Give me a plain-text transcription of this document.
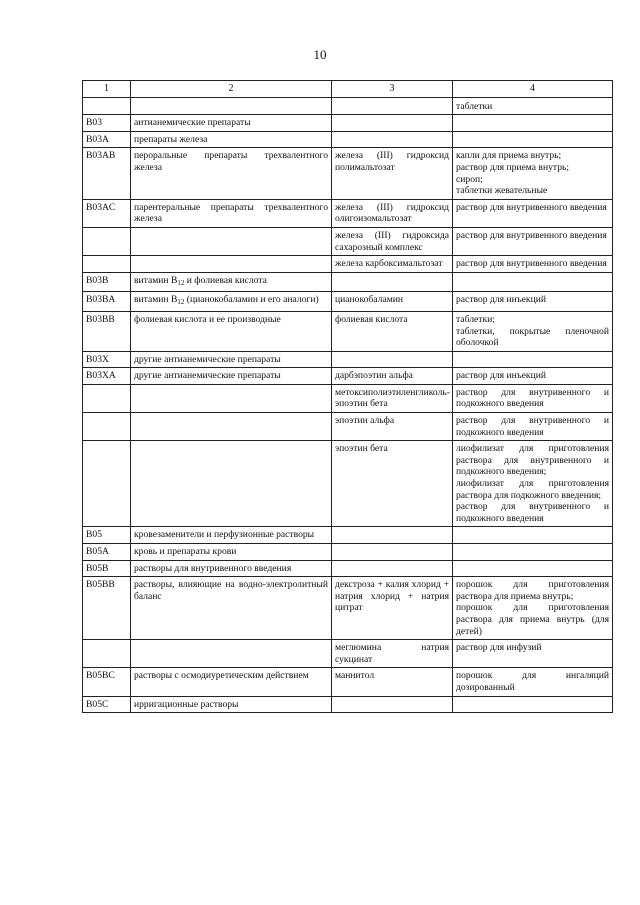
10
1	2	3	4

			таблетки

B03	антианемические препараты		
B03A	препараты железа		
B03AB	пероральные препараты трехвалентного железа	железа (III) гидроксид полимальтозат	капли для приема внутрь;
раствор для приема внутрь;
сироп;
таблетки жевательные

B03AC	парентеральные препараты трехвалентного железа	железа (III) гидроксид олигоизомальтозат	раствор для внутривенного введения

		железа (III) гидроксида сахарозный комплекс	раствор для внутривенного введения

		железа карбоксимальтозат	раствор для внутривенного введения

B03B	витамин $B_{12}$ и фолиевая кислота		
B03BA	витамин $B_{12}$ (цианокобаламин и его аналоги)	цианокобаламин	раствор для инъекций

B03BB	фолиевая кислота и ее производные	фолиевая кислота	таблетки;
таблетки, покрытые пленочной оболочкой

B03X	другие антианемические препараты		
B03XA	другие антианемические препараты	дарбэпоэтин альфа	раствор для инъекций

		метоксиполиэтиленгликоль-эпоэтин бета	раствор для внутривенного и подкожного введения

		эпоэтин альфа	раствор для внутривенного и подкожного введения

		эпоэтин бета	лиофилизат для приготовления раствора для внутривенного и подкожного введения;
лиофилизат для приготовления раствора для подкожного введения;
раствор для внутривенного и подкожного введения

B05	кровезаменители и перфузионные растворы		
B05A	кровь и препараты крови		
B05B	растворы для внутривенного введения		
B05BB	растворы, влияющие на водно-электролитный баланс	декстроза + калия хлорид + натрия хлорид + натрия цитрат	порошок для приготовления раствора для приема внутрь;
порошок для приготовления раствора для приема внутрь (для детей)

		меглюмина натрия сукцинат	раствор для инфузий

B05BC	растворы с осмодиуретическим действием	маннитол	порошок для ингаляций дозированный

B05C	ирригационные растворы		
